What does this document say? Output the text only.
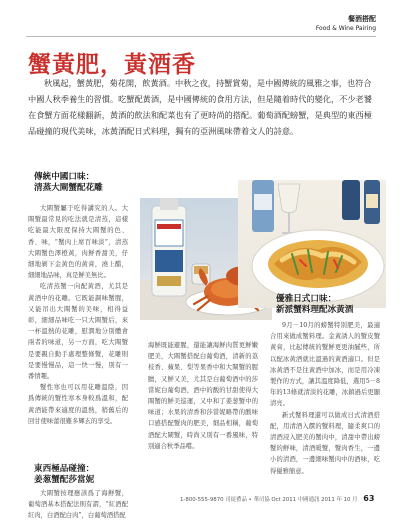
餐酒搭配
Food & Wine Pairing
蟹黃肥，黃酒香

秋風起，蟹黃肥，菊花開，飲黃酒。中秋之夜，持蟹賞菊，是中國傳統的風雅之事，也符合中國人秋季養生的習慣。吃蟹配黃酒，是中國傳統的食用方法，但是隨着時代的變化，不少老饕在食蟹方面花樣翻新，黃酒的飲法和配菜也有了更時尚的搭配。葡萄酒配螃蟹，是典型的東西極品碰撞的現代美味，冰黃酒配日式料理，獨有的亞洲風味帶着文人的詩意。

傳統中國口味：
清蒸大閘蟹配花雕

大閘蟹屬于吃得講究的人。大閘蟹最常見的吃法就是清蒸，這樣吃能最大限度保持大閘蟹的色、香、味，“蟹肉上席百味淡”，清蒸大閘蟹色澤橙黃，肉鮮香甜美，仔細地剝下金黃色的黃膏，澆上醋，細細地品味，真是鮮美無比。

吃清蒸蟹一向配黃酒，尤其是黃酒中的花雕。它既能調味蟹腥，又能吊出大閘蟹的美味，相得益彰，細細品味吃一只大閘蟹后，來一杯溫熱的花雕，慰潤地分別體會兩者的味道，另一方面，吃大閘蟹是要親自動手處理整條蟹，花雕則是要慢慢品，這一快一慢，別有一番情趣。

蟹性寒也可以用花雕溫陰，因爲傳統的蟹性寒本身較爲溫和，配黃酒能帶來適度的溫熱，稍舊后的回甘使味蕾很難多輝玄的享受。

東西極品碰撞：
姜葱蟹配莎當妮

大閘蟹按理應該爲了海鮮蟹，葡萄酒基本搭配法則有謂，“紅酒配紅肉，白酒配白肉”，白葡萄酒搭配

海鮮既能避腥，還能讓海鮮肉質更鮮嫩肥美，大閘蟹搭配白葡萄酒，清新的荔枝香、蘋果、梨等果香中和大閘蟹的腥膻，又鮮又美，尤其是白葡萄酒中的莎當妮白葡萄酒，酒中的酸的甘甜使得大閘蟹的鮮美巡運，又中和了姜葱蟹中的味道；水果的清香和莎當妮略帶的酸味口感搭配蟹肉的肥美，細品相稱，葡萄酒配大閘蟹，時尚又別有一番風味，特別適合秋季品嚐。

優雅日式口味：
新派蟹料理配冰黃酒

9月－10月的螃蟹特別肥美，最適合用來做成蟹料理。金黃誘人的蟹皮蟹黃膏，比起傳統的蟹鮮更更油膩些，所以配冰黃酒就比溫過的黃酒適口。但是冰黃酒不是往黃酒中加冰，而是用冷凍製作的方式，讓其溫度降低，選用5－8年的13條就清淡的花雕，冰鎮過后更顯清亮。

新式蟹料理還可以做成日式清酒搭配，用清酒入饌的蟹料理，隨柔爽口的清酒浸入肥美的蟹肉中，清甜中帶出螃蟹的鮮味，清酒暖蟹，蟹肉香生，一邊小的清酒，一邊細味蟹肉中的酒味，吃得優雅簡意。

1-800-555-9870 司徒禮品 • 華司協 Oct 2011 中國通訊 2011 年 10 月 63
